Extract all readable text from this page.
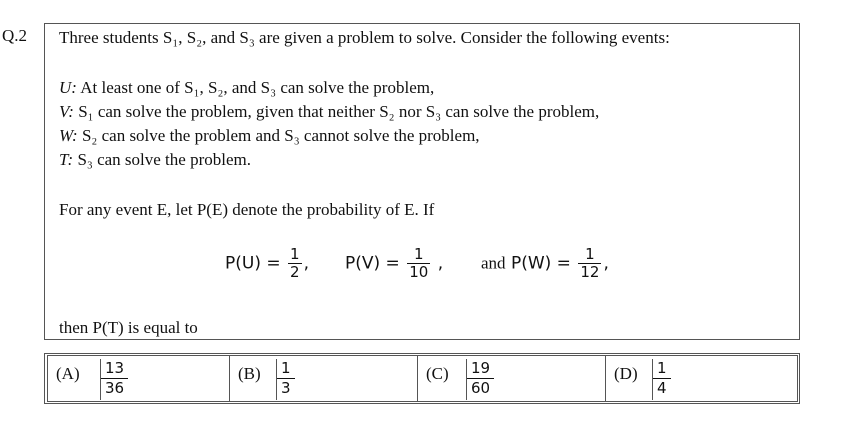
Q.2 Three students S₁, S₂, and S₃ are given a problem to solve. Consider the following events:
U: At least one of S₁, S₂, and S₃ can solve the problem,
V: S₁ can solve the problem, given that neither S₂ nor S₃ can solve the problem,
W: S₂ can solve the problem and S₃ cannot solve the problem,
T: S₃ can solve the problem.
For any event E, let P(E) denote the probability of E. If
$P(U) = \frac{1}{2}$ , $P(V) = \frac{1}{10}$ , and $P(W) = \frac{1}{12}$ ,
then P(T) is equal to
$(A) \frac{13}{36}$	$(B) \frac{1}{3}$	$(C) \frac{19}{60}$	$(D) \frac{1}{4}$
